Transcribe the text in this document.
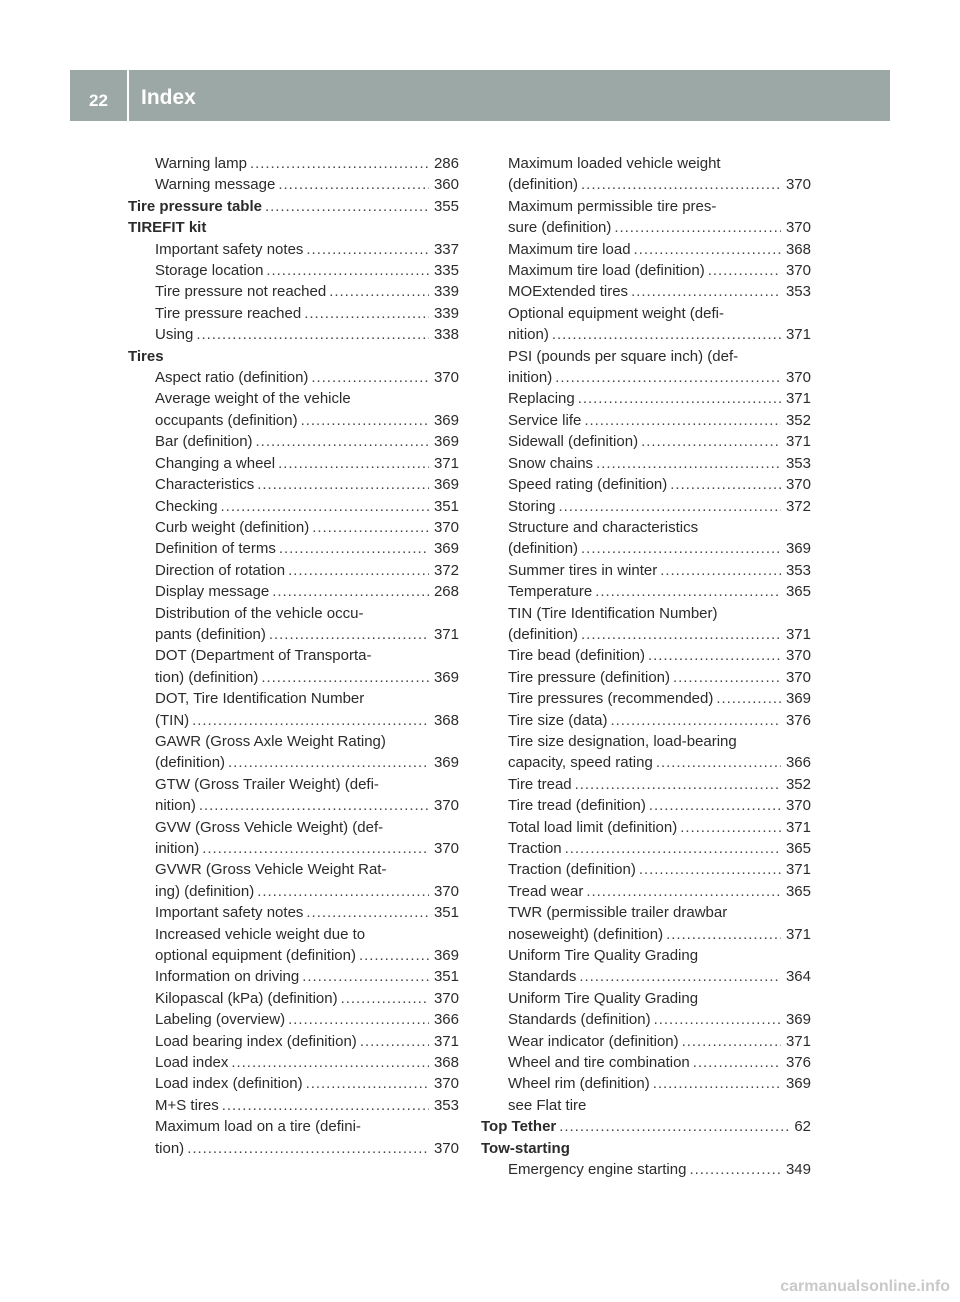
22	Index
Warning lamp . . .	286
Warning message . . .	360
Tire pressure table . . .	355
TIREFIT kit
Important safety notes . . .	337
Storage location . . .	335
Tire pressure not reached . . .	339
Tire pressure reached . . .	339
Using . . .	338
Tires
Aspect ratio (definition) . . .	370
Average weight of the vehicle
occupants (definition) . . .	369
Bar (definition) . . .	369
Changing a wheel . . .	371
Characteristics . . .	369
Checking . . .	351
Curb weight (definition) . . .	370
Definition of terms . . .	369
Direction of rotation . . .	372
Display message . . .	268
Distribution of the vehicle occu-
pants (definition) . . .	371
DOT (Department of Transporta-
tion) (definition) . . .	369
DOT, Tire Identification Number
(TIN) . . .	368
GAWR (Gross Axle Weight Rating)
(definition) . . .	369
GTW (Gross Trailer Weight) (defi-
nition) . . .	370
GVW (Gross Vehicle Weight) (def-
inition) . . .	370
GVWR (Gross Vehicle Weight Rat-
ing) (definition) . . .	370
Important safety notes . . .	351
Increased vehicle weight due to
optional equipment (definition) . . .	369
Information on driving . . .	351
Kilopascal (kPa) (definition) . . .	370
Labeling (overview) . . .	366
Load bearing index (definition) . . .	371
Load index . . .	368
Load index (definition) . . .	370
M+S tires . . .	353
Maximum load on a tire (defini-
tion) . . .	370
Maximum loaded vehicle weight
(definition) . . .	370
Maximum permissible tire pres-
sure (definition) . . .	370
Maximum tire load . . .	368
Maximum tire load (definition) . . .	370
MOExtended tires . . .	353
Optional equipment weight (defi-
nition) . . .	371
PSI (pounds per square inch) (def-
inition) . . .	370
Replacing . . .	371
Service life . . .	352
Sidewall (definition) . . .	371
Snow chains . . .	353
Speed rating (definition) . . .	370
Storing . . .	372
Structure and characteristics
(definition) . . .	369
Summer tires in winter . . .	353
Temperature . . .	365
TIN (Tire Identification Number)
(definition) . . .	371
Tire bead (definition) . . .	370
Tire pressure (definition) . . .	370
Tire pressures (recommended) . . .	369
Tire size (data) . . .	376
Tire size designation, load-bearing
capacity, speed rating . . .	366
Tire tread . . .	352
Tire tread (definition) . . .	370
Total load limit (definition) . . .	371
Traction . . .	365
Traction (definition) . . .	371
Tread wear . . .	365
TWR (permissible trailer drawbar
noseweight) (definition) . . .	371
Uniform Tire Quality Grading
Standards . . .	364
Uniform Tire Quality Grading
Standards (definition) . . .	369
Wear indicator (definition) . . .	371
Wheel and tire combination . . .	376
Wheel rim (definition) . . .	369
see Flat tire
Top Tether . . .	62
Tow-starting
Emergency engine starting . . .	349
carmanualsonline.info
